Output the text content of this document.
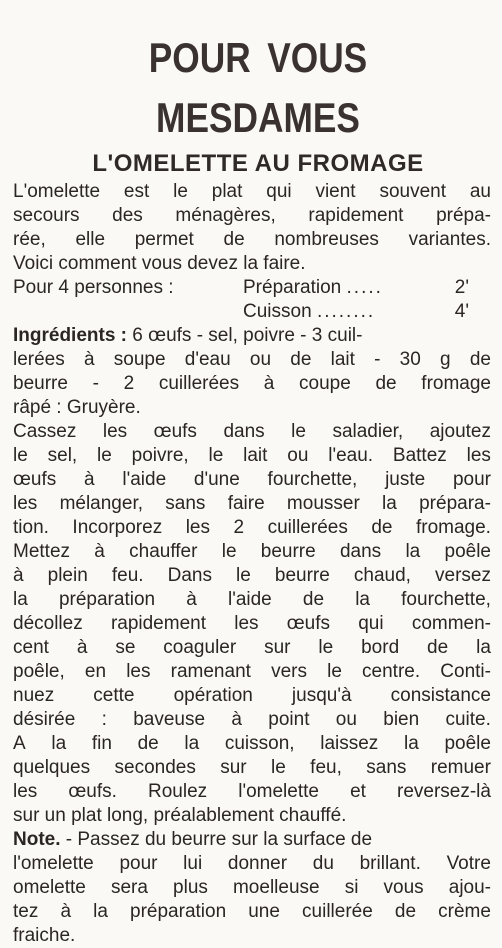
POUR VOUS MESDAMES
L'OMELETTE AU FROMAGE

L'omelette est le plat qui vient souvent au
secours des ménagères, rapidement prépa-
rée, elle permet de nombreuses variantes.
Voici comment vous devez la faire.

Pour 4 personnes :	Préparation .....	2'
Cuisson ........	4'

Ingrédients : 6 œufs - sel, poivre - 3 cuil-
lerées à soupe d'eau ou de lait - 30 g de
beurre - 2 cuillerées à coupe de fromage
râpé : Gruyère.

Cassez les œufs dans le saladier, ajoutez
le sel, le poivre, le lait ou l'eau. Battez les
œufs à l'aide d'une fourchette, juste pour
les mélanger, sans faire mousser la prépara-
tion. Incorporez les 2 cuillerées de fromage.
Mettez à chauffer le beurre dans la poêle
à plein feu. Dans le beurre chaud, versez
la préparation à l'aide de la fourchette,
décollez rapidement les œufs qui commen-
cent à se coaguler sur le bord de la
poêle, en les ramenant vers le centre. Conti-
nuez cette opération jusqu'à consistance
désirée : baveuse à point ou bien cuite.
A la fin de la cuisson, laissez la poêle
quelques secondes sur le feu, sans remuer
les œufs. Roulez l'omelette et reversez-là
sur un plat long, préalablement chauffé.

Note. - Passez du beurre sur la surface de
l'omelette pour lui donner du brillant. Votre
omelette sera plus moelleuse si vous ajou-
tez à la préparation une cuillerée de crème
fraiche.
